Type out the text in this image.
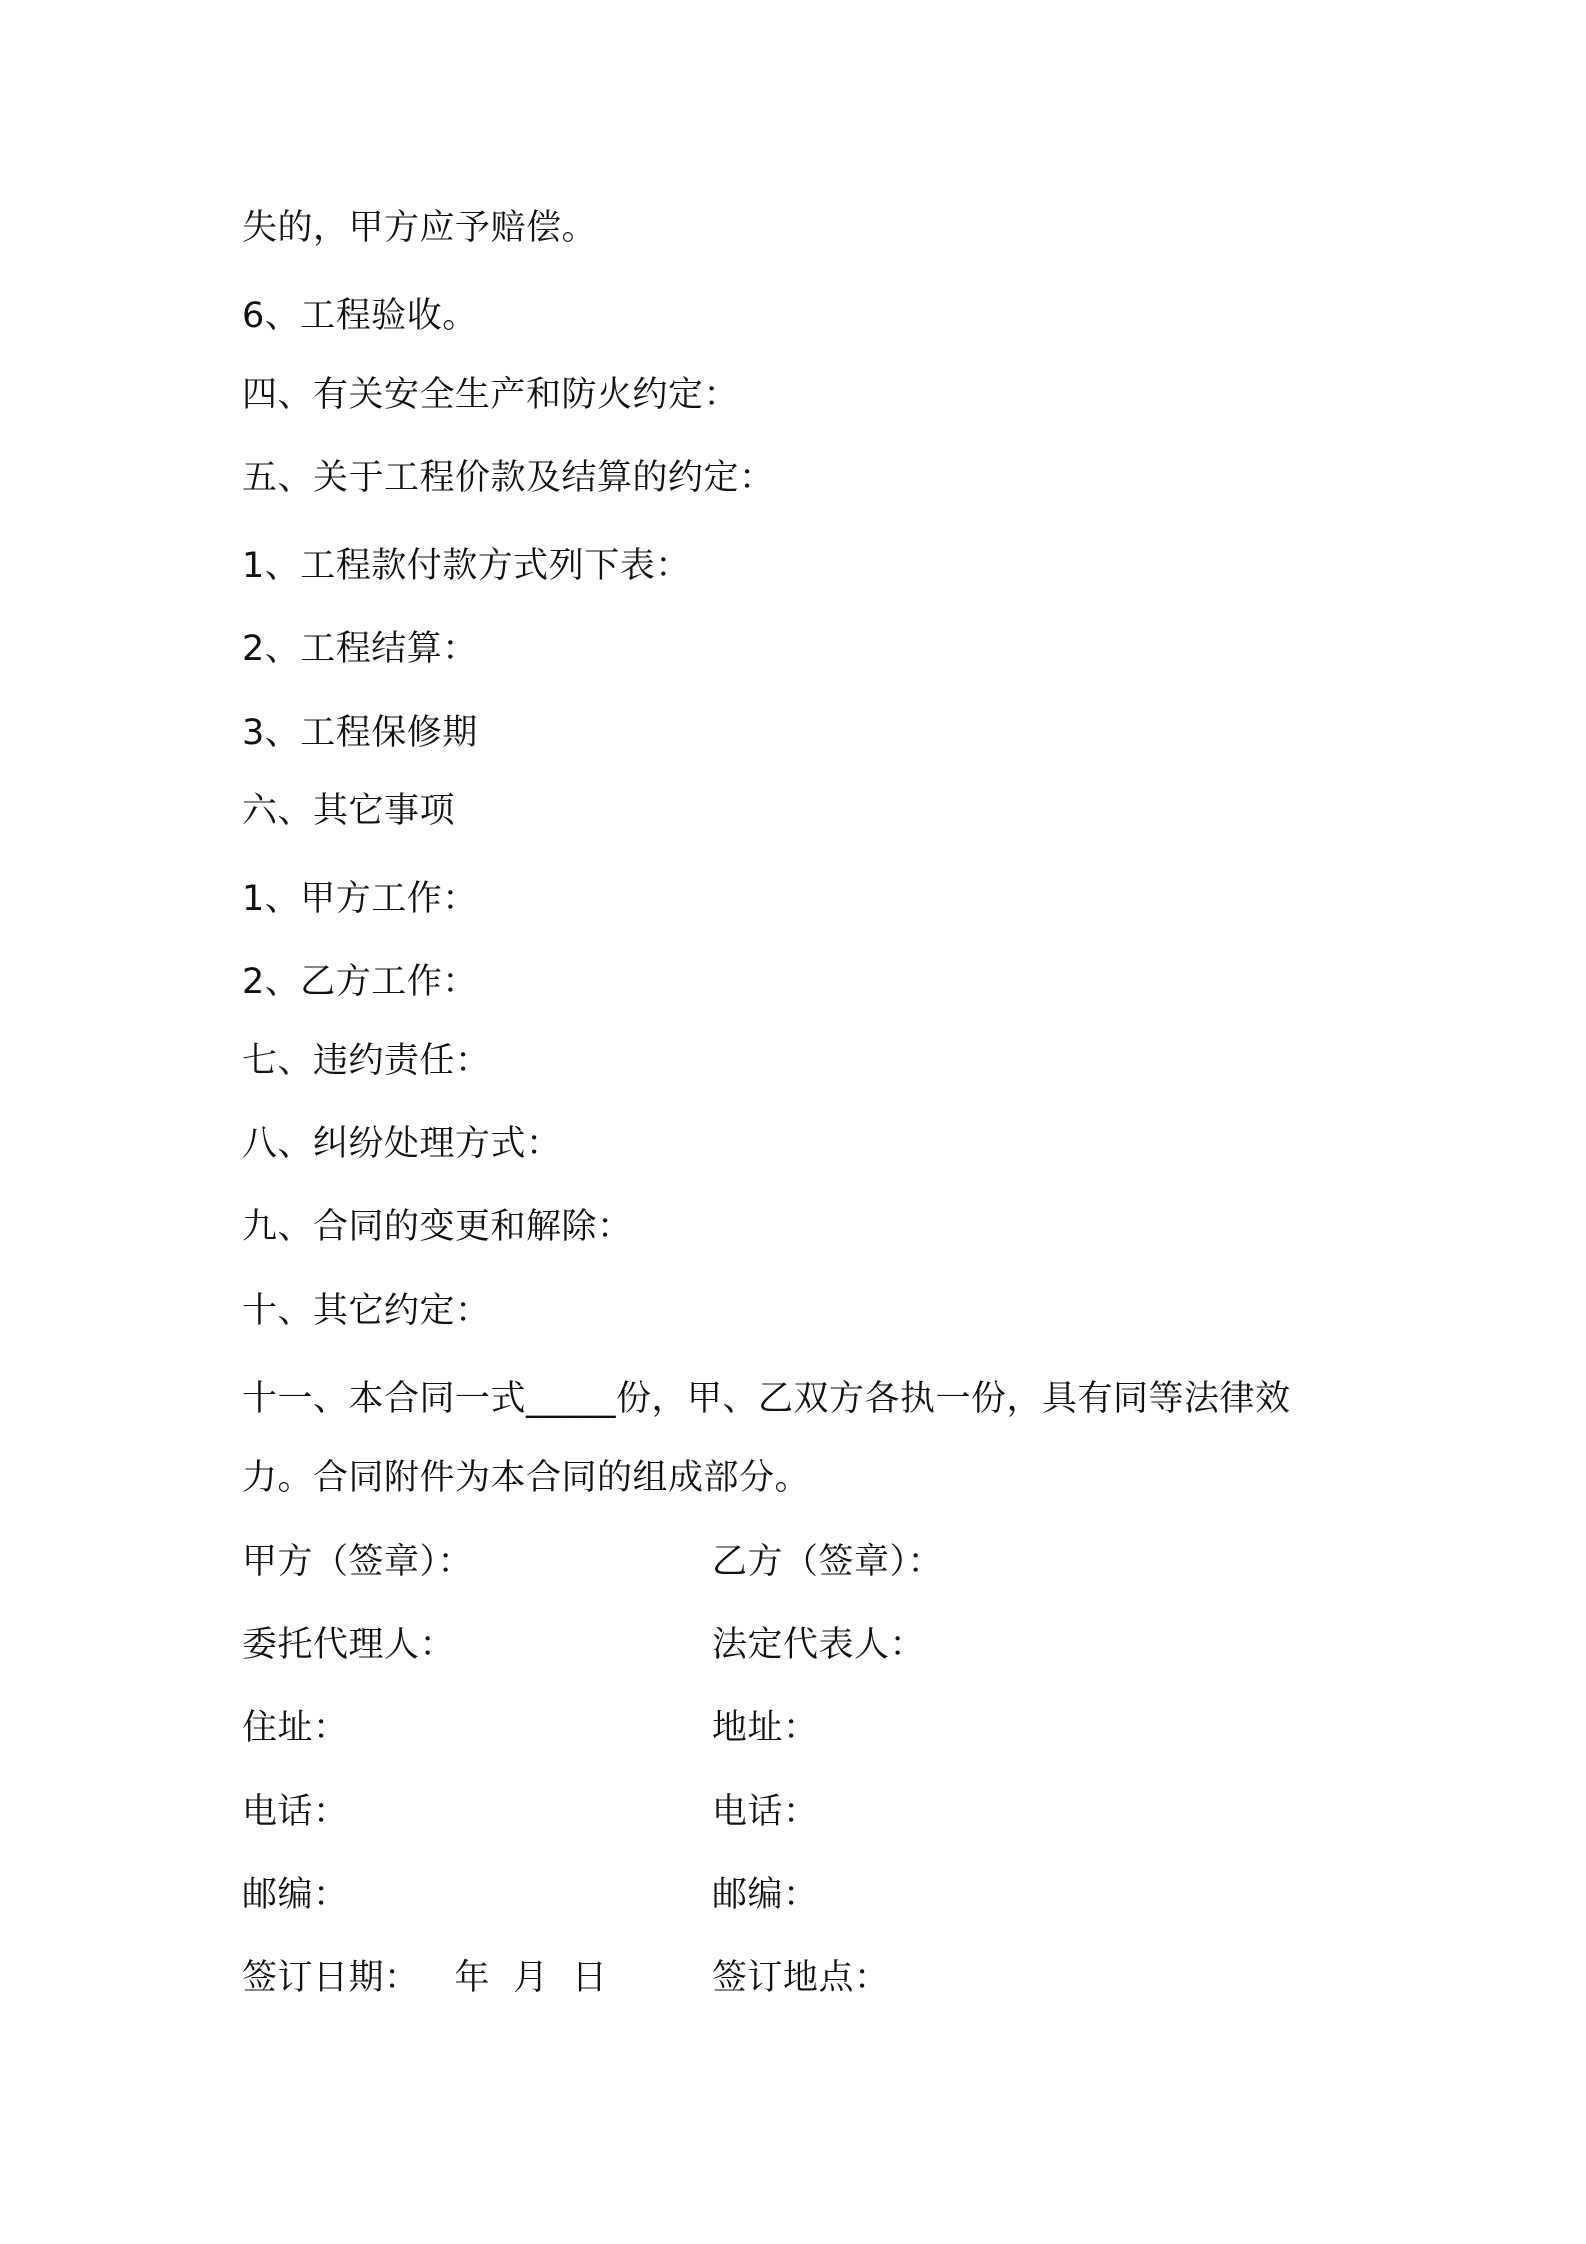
失的，甲方应予赔偿。
6、工程验收。
四、有关安全生产和防火约定：
五、关于工程价款及结算的约定：
1、工程款付款方式列下表：
2、工程结算：
3、工程保修期
六、其它事项
1、甲方工作：
2、乙方工作：
七、违约责任：
八、纠纷处理方式：
九、合同的变更和解除：
十、其它约定：
十一、本合同一式_____份，甲、乙双方各执一份，具有同等法律效
力。合同附件为本合同的组成部分。
甲方（签章）：
委托代理人：
住址：
电话：
邮编：
签订日期：   年  月  日
乙方（签章）：
法定代表人：
地址：
电话：
邮编：
签订地点：
